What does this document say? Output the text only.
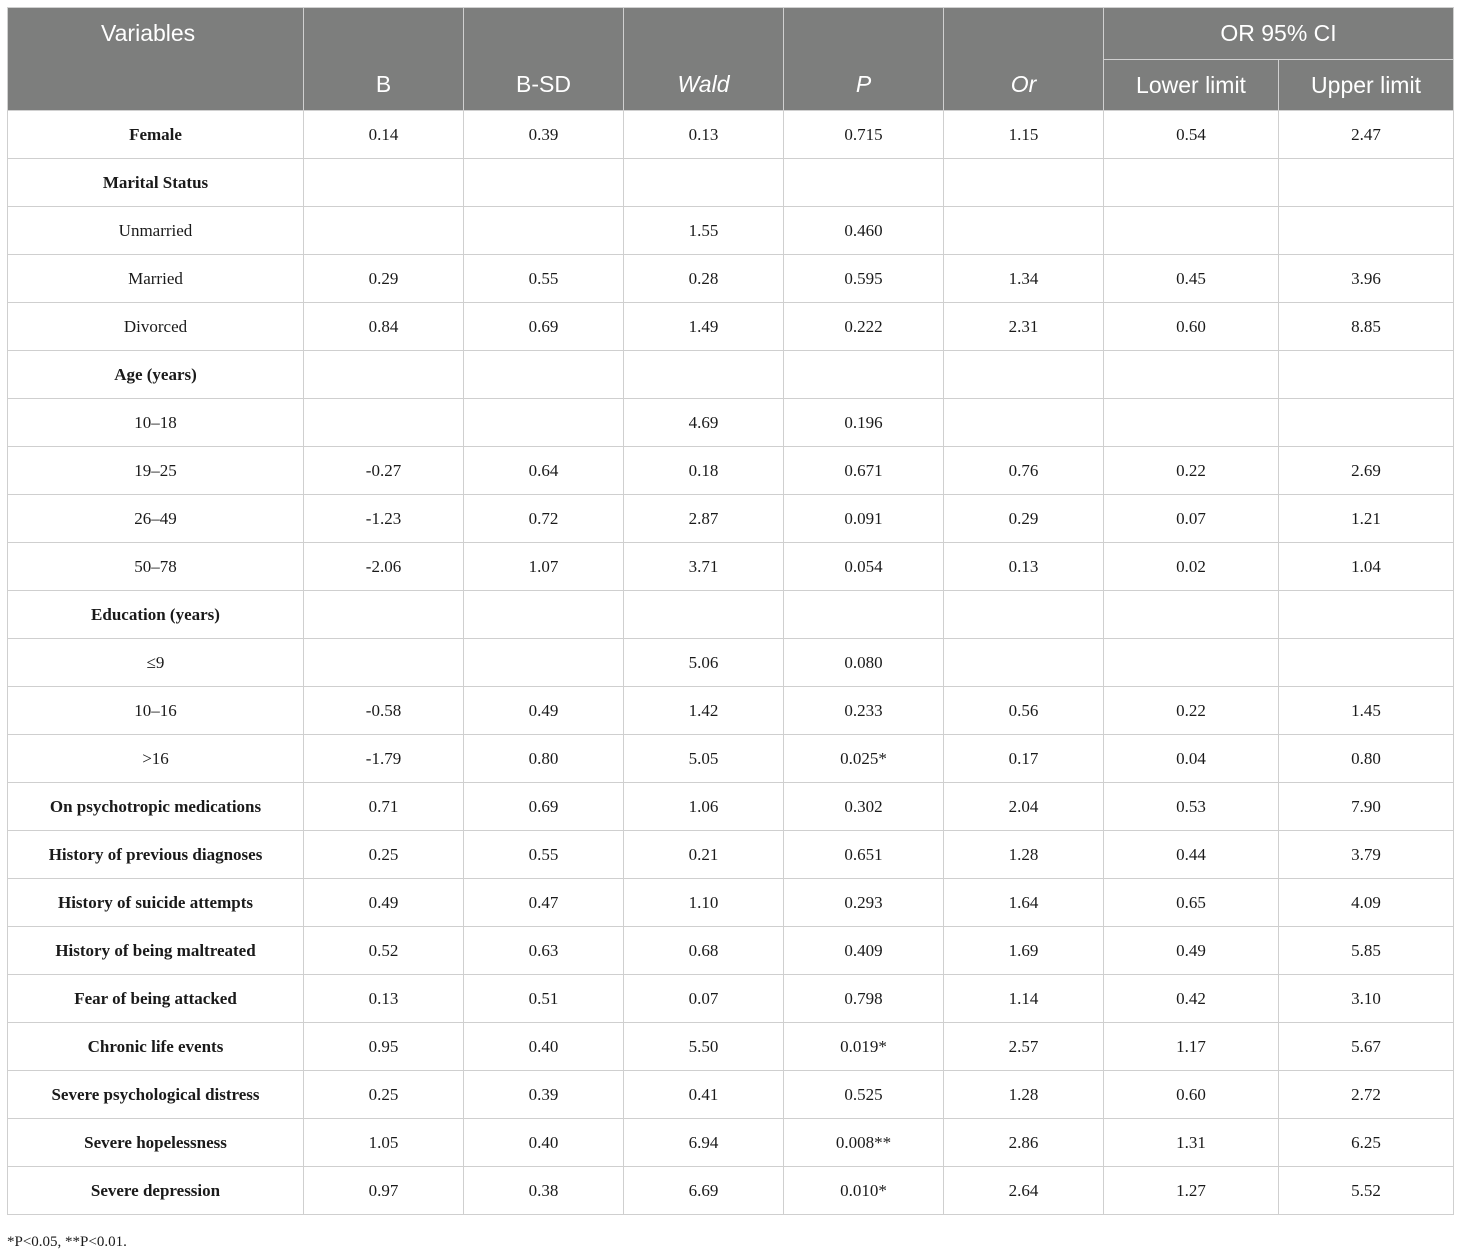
Variables	B	B-SD	Wald	P	Or	OR 95% CI	
						Lower limit	Upper limit
Female	0.14	0.39	0.13	0.715	1.15	0.54	2.47
Marital Status							
Unmarried			1.55	0.460			
Married	0.29	0.55	0.28	0.595	1.34	0.45	3.96
Divorced	0.84	0.69	1.49	0.222	2.31	0.60	8.85
Age (years)							
10–18			4.69	0.196			
19–25	-0.27	0.64	0.18	0.671	0.76	0.22	2.69
26–49	-1.23	0.72	2.87	0.091	0.29	0.07	1.21
50–78	-2.06	1.07	3.71	0.054	0.13	0.02	1.04
Education (years)							
≤9			5.06	0.080			
10–16	-0.58	0.49	1.42	0.233	0.56	0.22	1.45
>16	-1.79	0.80	5.05	0.025*	0.17	0.04	0.80
On psychotropic medications	0.71	0.69	1.06	0.302	2.04	0.53	7.90
History of previous diagnoses	0.25	0.55	0.21	0.651	1.28	0.44	3.79
History of suicide attempts	0.49	0.47	1.10	0.293	1.64	0.65	4.09
History of being maltreated	0.52	0.63	0.68	0.409	1.69	0.49	5.85
Fear of being attacked	0.13	0.51	0.07	0.798	1.14	0.42	3.10
Chronic life events	0.95	0.40	5.50	0.019*	2.57	1.17	5.67
Severe psychological distress	0.25	0.39	0.41	0.525	1.28	0.60	2.72
Severe hopelessness	1.05	0.40	6.94	0.008**	2.86	1.31	6.25
Severe depression	0.97	0.38	6.69	0.010*	2.64	1.27	5.52
*P<0.05, **P<0.01.
